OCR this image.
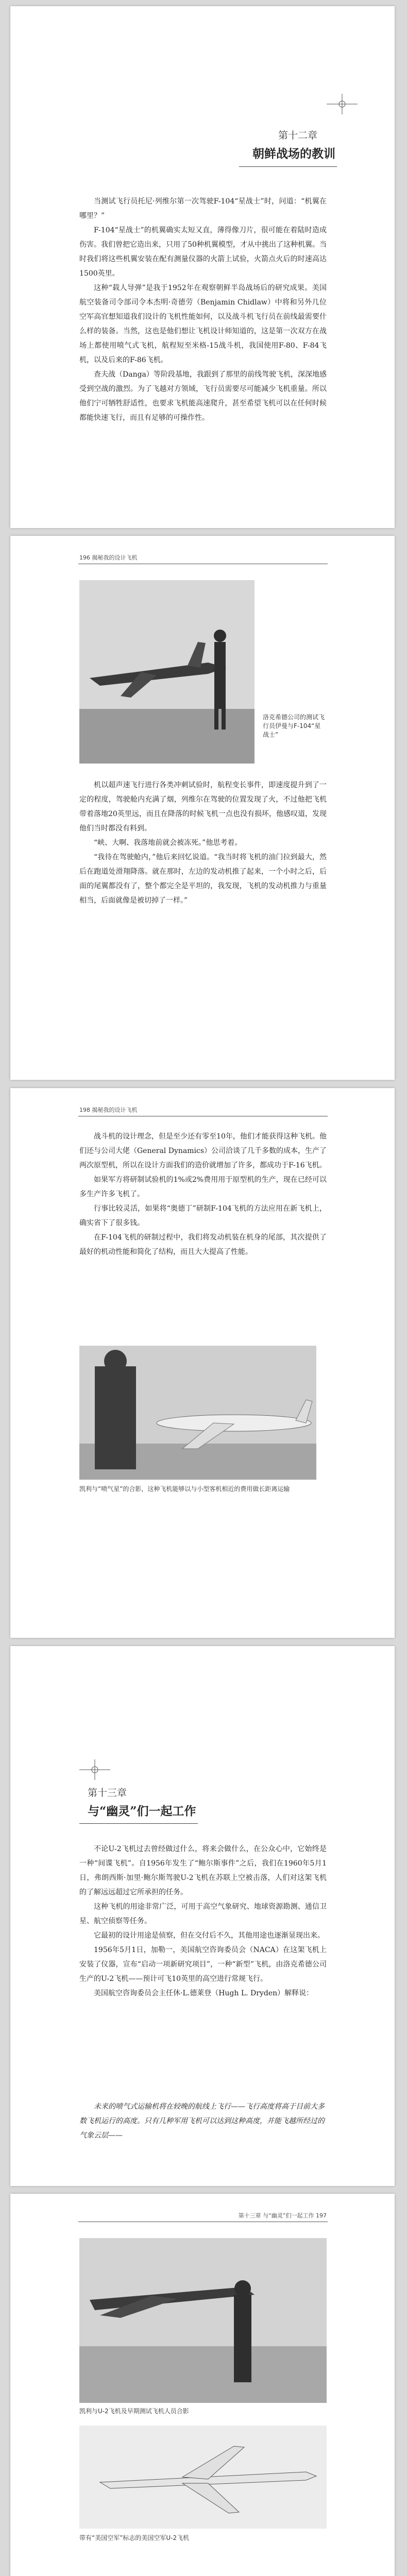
第十二章
朝鲜战场的教训

当测试飞行员托尼·列维尔第一次驾驶F-104“星战士”时，问道：“机翼在哪里？”

F-104“星战士”的机翼确实太短又直，薄得像刀片，很可能在着陆时造成伤害。我们曾把它造出来，只用了50种机翼模型，才从中挑出了这种机翼。当时我们将这些机翼安装在配有测量仪器的火箭上试验，火箭点火后的时速高达1500英里。

这种“载人导弹”是我于1952年在观察朝鲜半岛战场后的研究成果。美国航空装备司令部司令本杰明·奇德劳（Benjamin Chidlaw）中将和另外几位空军高官想知道我们设计的飞机性能如何，以及战斗机飞行员在前线最需要什么样的装备。当然，这也是他们想让飞机设计师知道的，这是第一次双方在战场上都使用喷气式飞机，航程短至米格-15战斗机，我国使用F-80、F-84飞机，以及后来的F-86飞机。

查夫战（Danga）等阶段基地，我跟到了那里的前线驾驶飞机，深深地感受到空战的激烈。为了飞越对方领域，飞行员需要尽可能减少飞机重量。所以他们宁可牺牲舒适性，也要求飞机能高速爬升，甚至希望飞机可以在任何时候都能快速飞行，而且有足够的可操作性。

196 揭秘我的设计飞机
洛克希德公司的测试飞行员伊曼与F-104“星战士”

机以超声速飞行进行各类冲刺试验时，航程变长事件，即速度提升到了一定的程度，驾驶舱内充满了烟，列维尔在驾驶的位置发现了火，不过他把飞机带着落地20英里远，而且在降落的时候飞机一点也没有损坏，他感叹道，发现他们当时都没有料到。

“峡、大啊、我落地前就会被冻死。”他思考着。

“我待在驾驶舱内，”他后来回忆说道。“我当时将飞机的油门拉到最大，然后在跑道处滑翔降落。就在那时，左边的发动机推了起来，一个小时之后，后面的尾翼都没有了，整个都完全是平坦的，我发现，飞机的发动机推力与重量相当，后面就像是被切掉了一样。”

198 揭秘我的设计飞机

战斗机的设计理念，但是至少还有零至10年，他们才能获得这种飞机。他们还与公司大佬（General Dynamics）公司洽谈了几千多数的成本，生产了两次原型机，所以在设计方面我们的造价就增加了许多，都成功于F-16飞机。

如果军方将研制试验机的1%或2%费用用于原型机的生产，现在已经可以多生产许多飞机了。

行事比较灵活，如果将“奥德丁”研制F-104飞机的方法应用在新飞机上，确实省下了很多钱。

在F-104飞机的研制过程中，我们将发动机装在机身的尾部，其次提供了最好的机动性能和简化了结构，而且大大提高了性能。

凯利与“喷气星”的合影，这种飞机能够以与小型客机相近的费用做长距离运输
第十三章
与“幽灵”们一起工作

不论U-2飞机过去曾经做过什么，将来会做什么，在公众心中，它始终是一种“间谍飞机”。自1956年发生了“鲍尔斯事件”之后，我们在1960年5月1日，弗朗西斯·加里·鲍尔斯驾驶U-2飞机在苏联上空被击落，人们对这架飞机的了解远远超过它所承担的任务。

这种飞机的用途非常广泛，可用于高空气象研究、地球资源勘测、通信卫星、航空侦察等任务。

它最初的设计用途是侦察，但在交付后不久，其他用途也逐渐显现出来。

1956年5月1日，加勒一，美国航空咨询委员会（NACA）在这架飞机上安装了仪器，宣布“启动一项新研究项目”，一种“新型”飞机，由洛克希德公司生产的U-2飞机——预计可飞10英里的高空进行常规飞行。

美国航空咨询委员会主任休·L.德莱登（Hugh L. Dryden）解释说：

未来的喷气式运输机将在较晚的航线上飞行——飞行高度将高于目前大多数飞机运行的高度。只有几种军用飞机可以达到这种高度，并能飞越所经过的气象云层——

第十三章 与“幽灵”们一起工作 197
凯利与U-2飞机及早期测试飞机人员合影
带有“美国空军”标志的美国空军U-2飞机
